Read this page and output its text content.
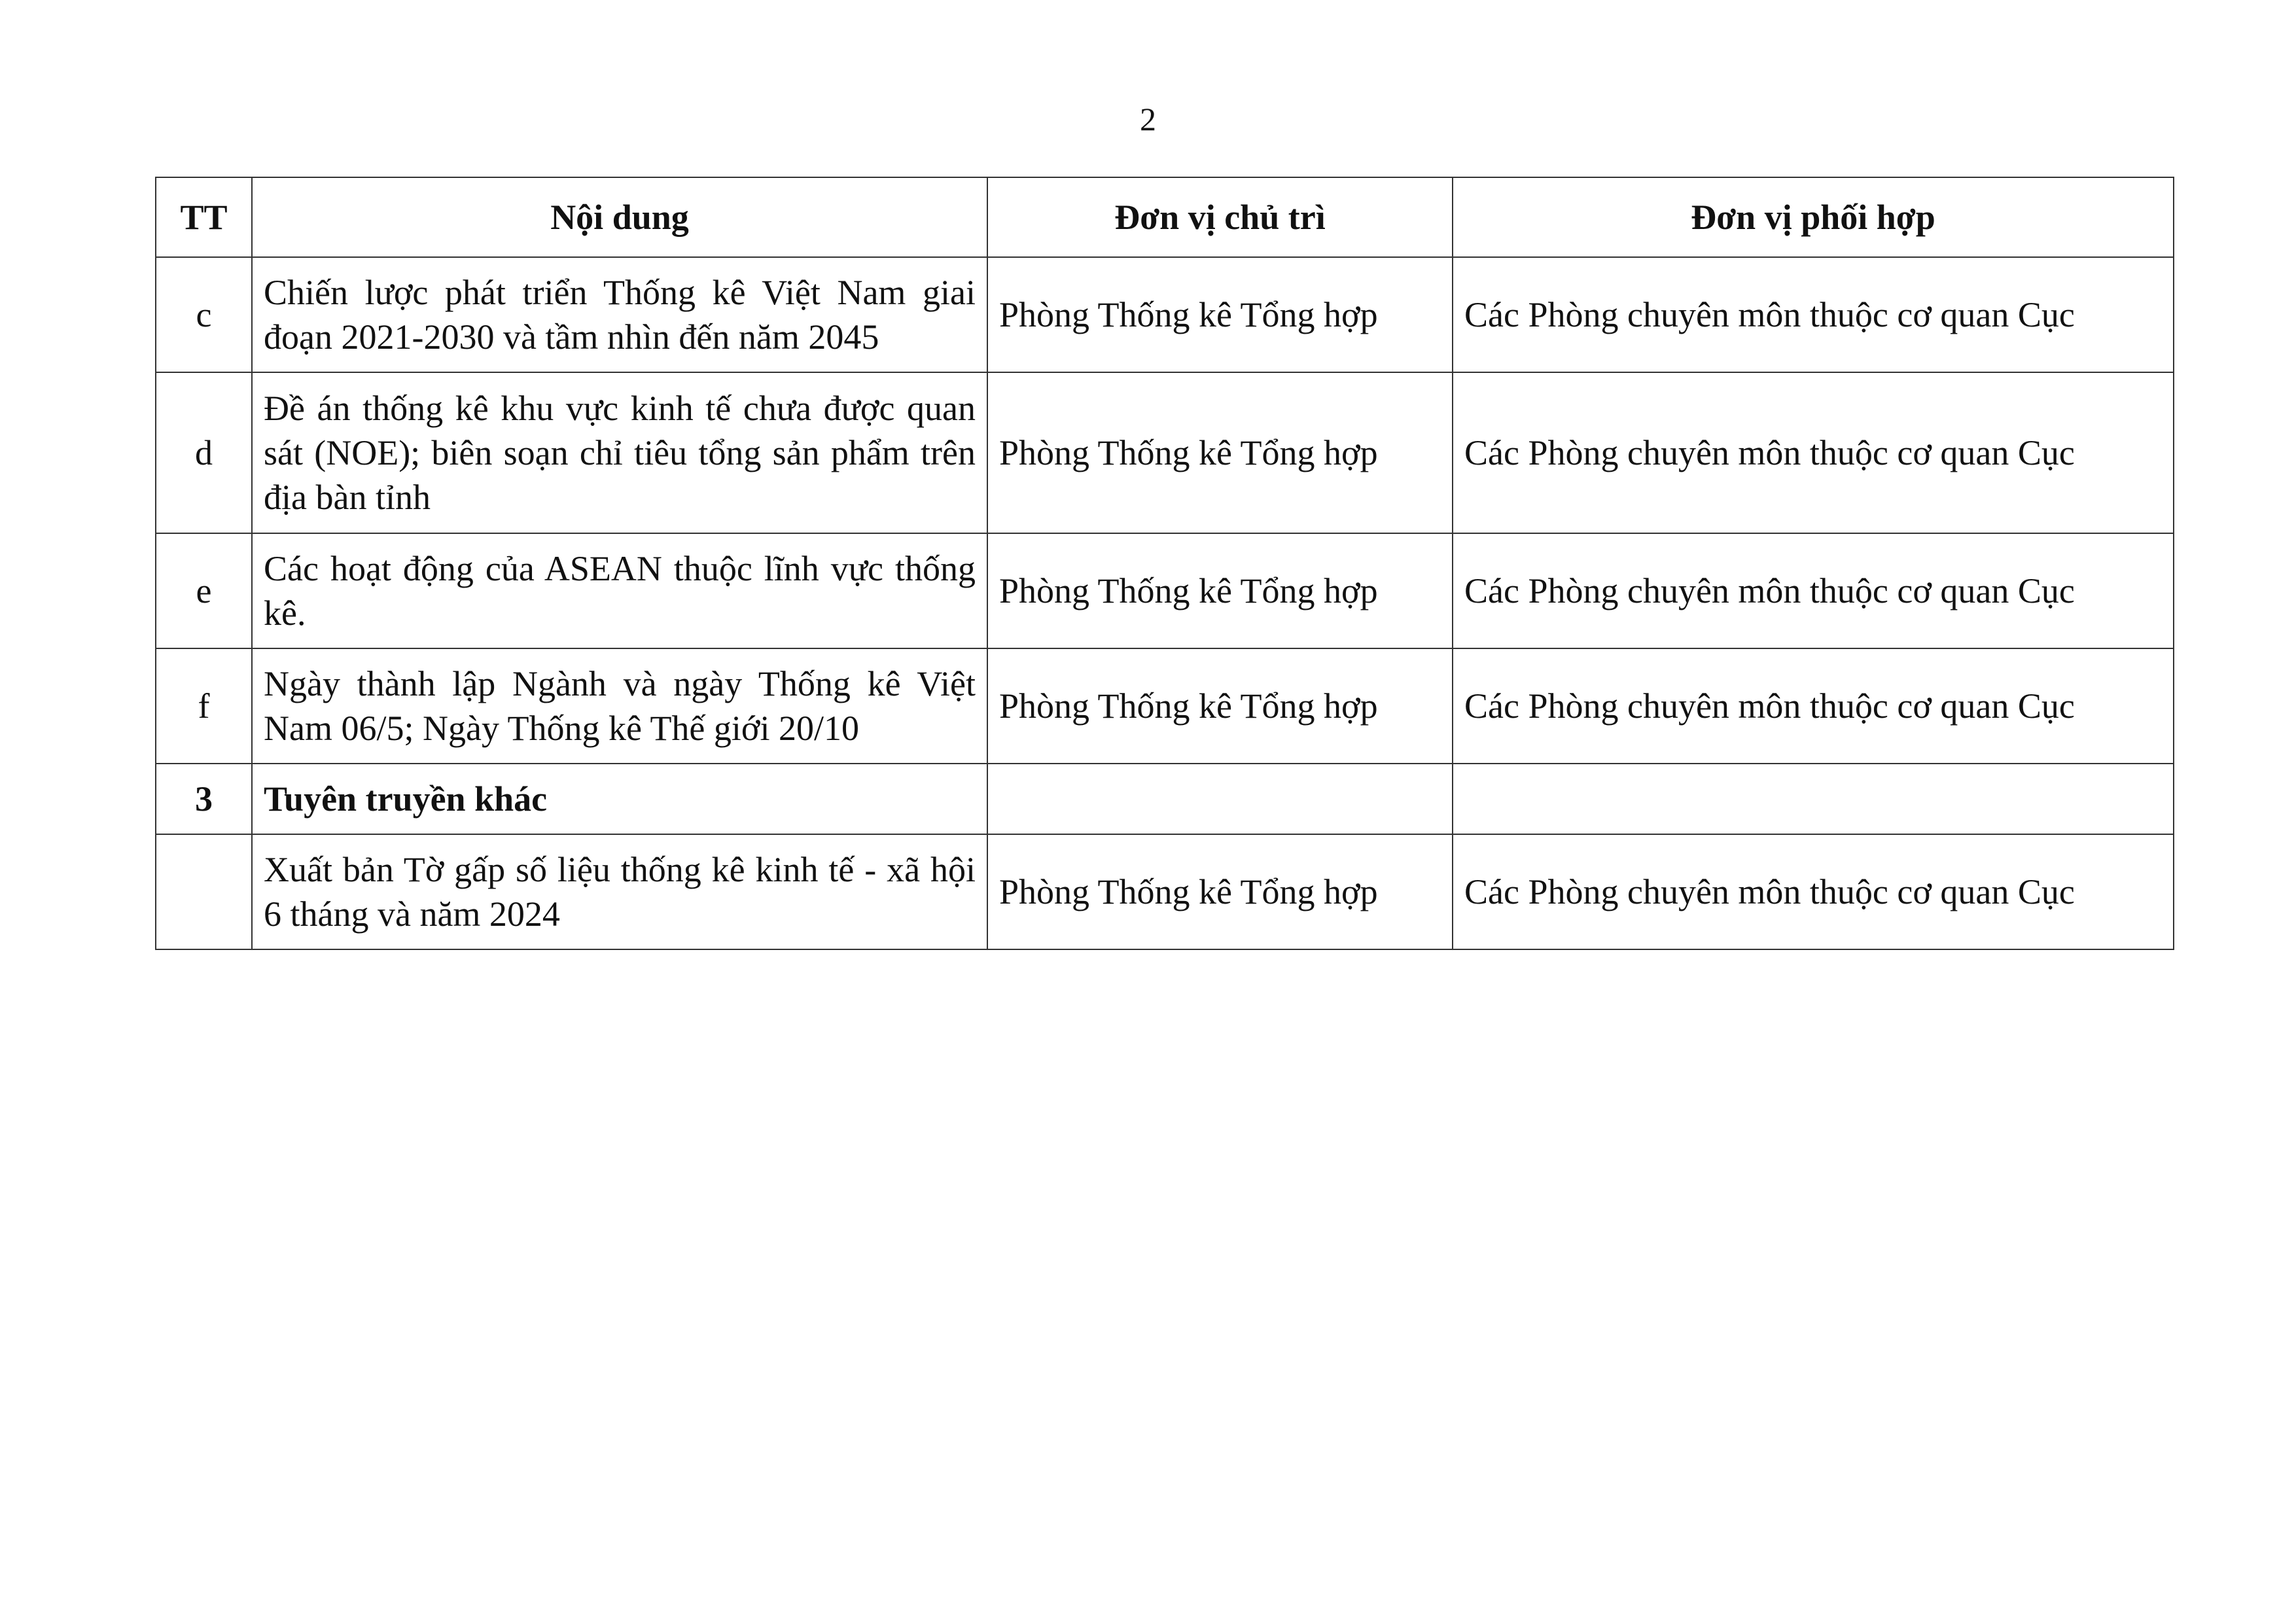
2
TT	Nội dung	Đơn vị chủ trì	Đơn vị phối hợp
c	Chiến lược phát triển Thống kê Việt Nam giai đoạn 2021-2030 và tầm nhìn đến năm 2045	Phòng Thống kê Tổng hợp	Các Phòng chuyên môn thuộc cơ quan Cục
d	Đề án thống kê khu vực kinh tế chưa được quan sát (NOE); biên soạn chỉ tiêu tổng sản phẩm trên địa bàn tỉnh	Phòng Thống kê Tổng hợp	Các Phòng chuyên môn thuộc cơ quan Cục
e	Các hoạt động của ASEAN thuộc lĩnh vực thống kê.	Phòng Thống kê Tổng hợp	Các Phòng chuyên môn thuộc cơ quan Cục
f	Ngày thành lập Ngành và ngày Thống kê Việt Nam 06/5; Ngày Thống kê Thế giới 20/10	Phòng Thống kê Tổng hợp	Các Phòng chuyên môn thuộc cơ quan Cục
3	Tuyên truyền khác		
	Xuất bản Tờ gấp số liệu thống kê kinh tế - xã hội 6 tháng và năm 2024	Phòng Thống kê Tổng hợp	Các Phòng chuyên môn thuộc cơ quan Cục
